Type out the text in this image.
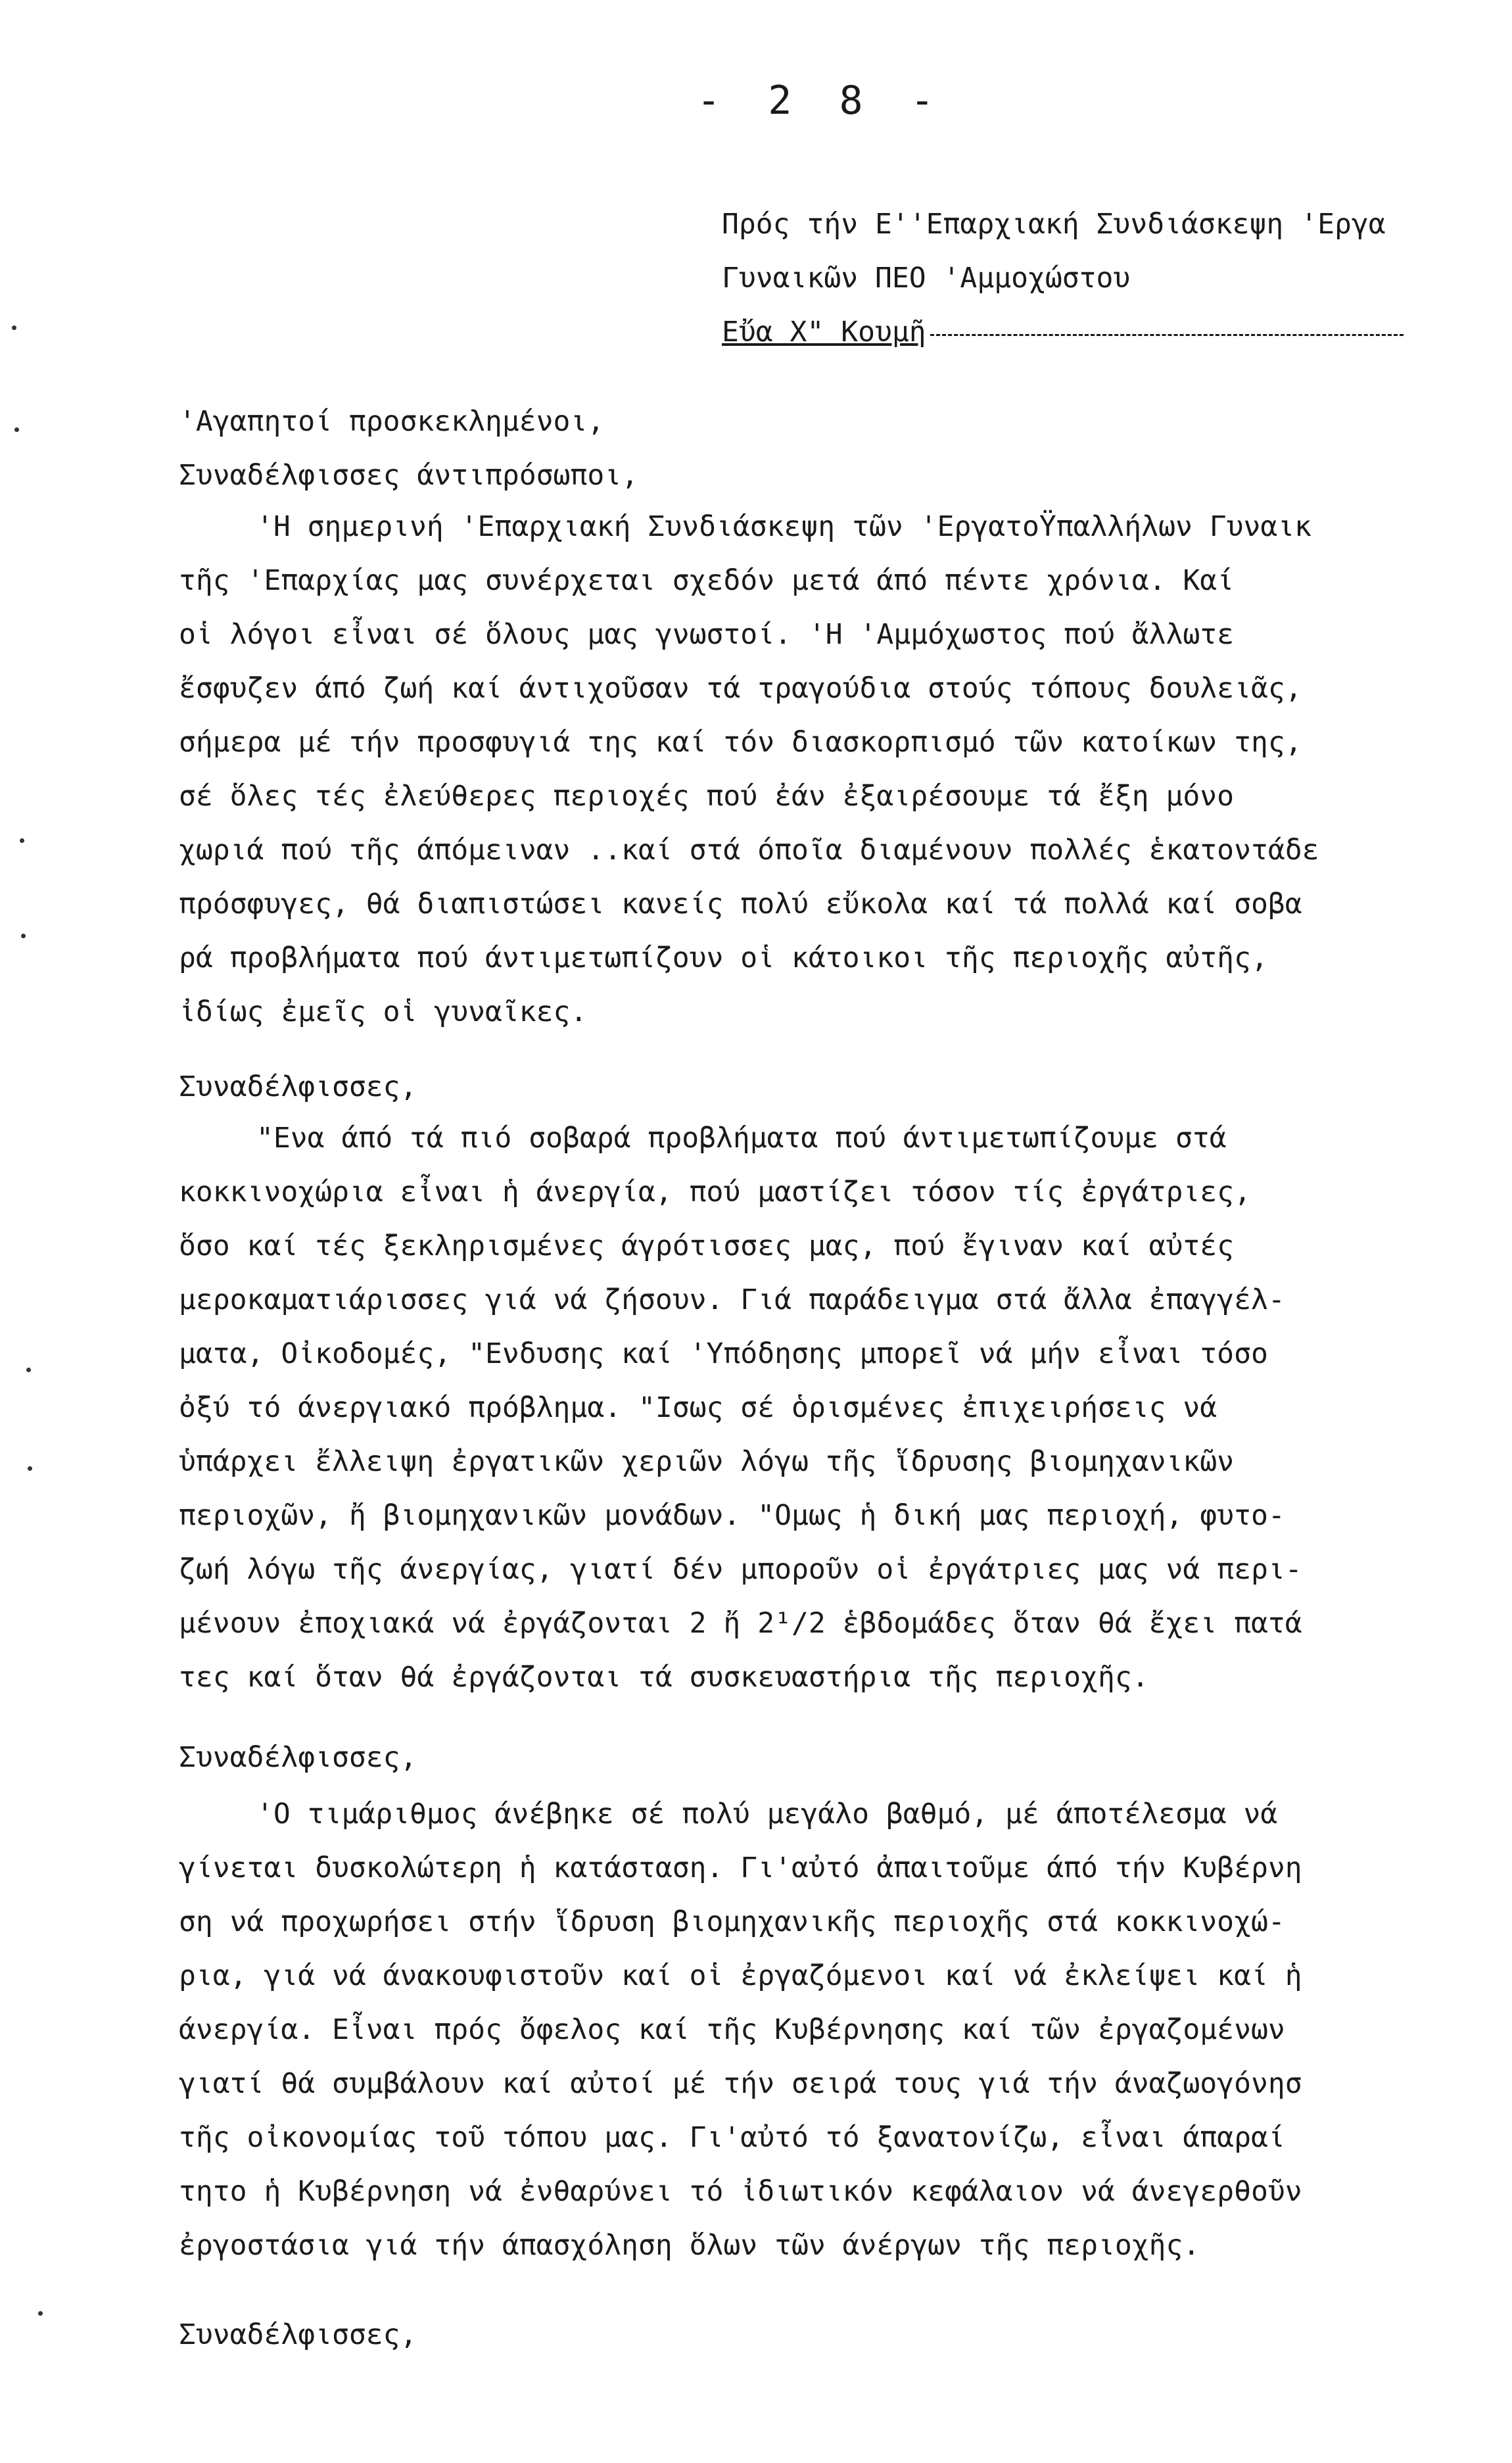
- 2 8 -
Πρός τήν Ε''Επαρχιακή Συνδιάσκεψη 'Εργα
Γυναικῶν ΠΕΟ 'Αμμοχώστου
Εὔα Χ" Κουμῆ
'Αγαπητοί προσκεκλημένοι,
Συναδέλφισσες άντιπρόσωποι,
'Η σημερινή 'Επαρχιακή Συνδιάσκεψη τῶν 'ΕργατοΫπαλλήλων Γυναικ
τῆς 'Επαρχίας μας συνέρχεται σχεδόν μετά άπό πέντε χρόνια. Καί
οἱ λόγοι εἶναι σέ ὅλους μας γνωστοί. 'Η 'Αμμόχωστος πού ἄλλωτε
ἔσφυζεν άπό ζωή καί άντιχοῦσαν τά τραγούδια στούς τόπους δουλειᾶς,
σήμερα μέ τήν προσφυγιά της καί τόν διασκορπισμό τῶν κατοίκων της,
σέ ὅλες τές ἐλεύθερες περιοχές πού ἐάν ἐξαιρέσουμε τά ἔξη μόνο
χωριά πού τῆς άπόμειναν ..καί στά όποῖα διαμένουν πολλές ἑκατοντάδε
πρόσφυγες, θά διαπιστώσει κανείς πολύ εὔκολα καί τά πολλά καί σοβα
ρά προβλήματα πού άντιμετωπίζουν οἱ κάτοικοι τῆς περιοχῆς αὐτῆς,
ἰδίως ἐμεῖς οἱ γυναῖκες.
Συναδέλφισσες,
"Ενα άπό τά πιό σοβαρά προβλήματα πού άντιμετωπίζουμε στά
κοκκινοχώρια εἶναι ἡ άνεργία, πού μαστίζει τόσον τίς ἐργάτριες,
ὅσο καί τές ξεκληρισμένες άγρότισσες μας, πού ἔγιναν καί αὐτές
μεροκαματιάρισσες γιά νά ζήσουν. Γιά παράδειγμα στά ἄλλα ἐπαγγέλ-
ματα, Οἰκοδομές, "Ενδυσης καί 'Υπόδησης μπορεῖ νά μήν εἶναι τόσο
ὀξύ τό άνεργιακό πρόβλημα. "Ισως σέ ὁρισμένες ἐπιχειρήσεις νά
ὑπάρχει ἔλλειψη ἐργατικῶν χεριῶν λόγω τῆς ἵδρυσης βιομηχανικῶν
περιοχῶν, ἤ βιομηχανικῶν μονάδων. "Ομως ἡ δική μας περιοχή, φυτο-
ζωή λόγω τῆς άνεργίας, γιατί δέν μποροῦν οἱ ἐργάτριες μας νά περι-
μένουν ἐποχιακά νά ἐργάζονται 2 ἤ 2¹/2 ἑβδομάδες ὅταν θά ἔχει πατά
τες καί ὅταν θά ἐργάζονται τά συσκευαστήρια τῆς περιοχῆς.
Συναδέλφισσες,
'Ο τιμάριθμος άνέβηκε σέ πολύ μεγάλο βαθμό, μέ άποτέλεσμα νά
γίνεται δυσκολώτερη ἡ κατάσταση. Γι'αὐτό ἀπαιτοῦμε άπό τήν Κυβέρνη
ση νά προχωρήσει στήν ἵδρυση βιομηχανικῆς περιοχῆς στά κοκκινοχώ-
ρια, γιά νά άνακουφιστοῦν καί οἱ ἐργαζόμενοι καί νά ἐκλείψει καί ἡ
άνεργία. Εἶναι πρός ὄφελος καί τῆς Κυβέρνησης καί τῶν ἐργαζομένων
γιατί θά συμβάλουν καί αὐτοί μέ τήν σειρά τους γιά τήν άναζωογόνησ
τῆς οἰκονομίας τοῦ τόπου μας. Γι'αὐτό τό ξανατονίζω, εἶναι άπαραί
τητο ἡ Κυβέρνηση νά ἐνθαρύνει τό ἰδιωτικόν κεφάλαιον νά άνεγερθοῦν
ἐργοστάσια γιά τήν άπασχόληση ὅλων τῶν άνέργων τῆς περιοχῆς.
Συναδέλφισσες,
